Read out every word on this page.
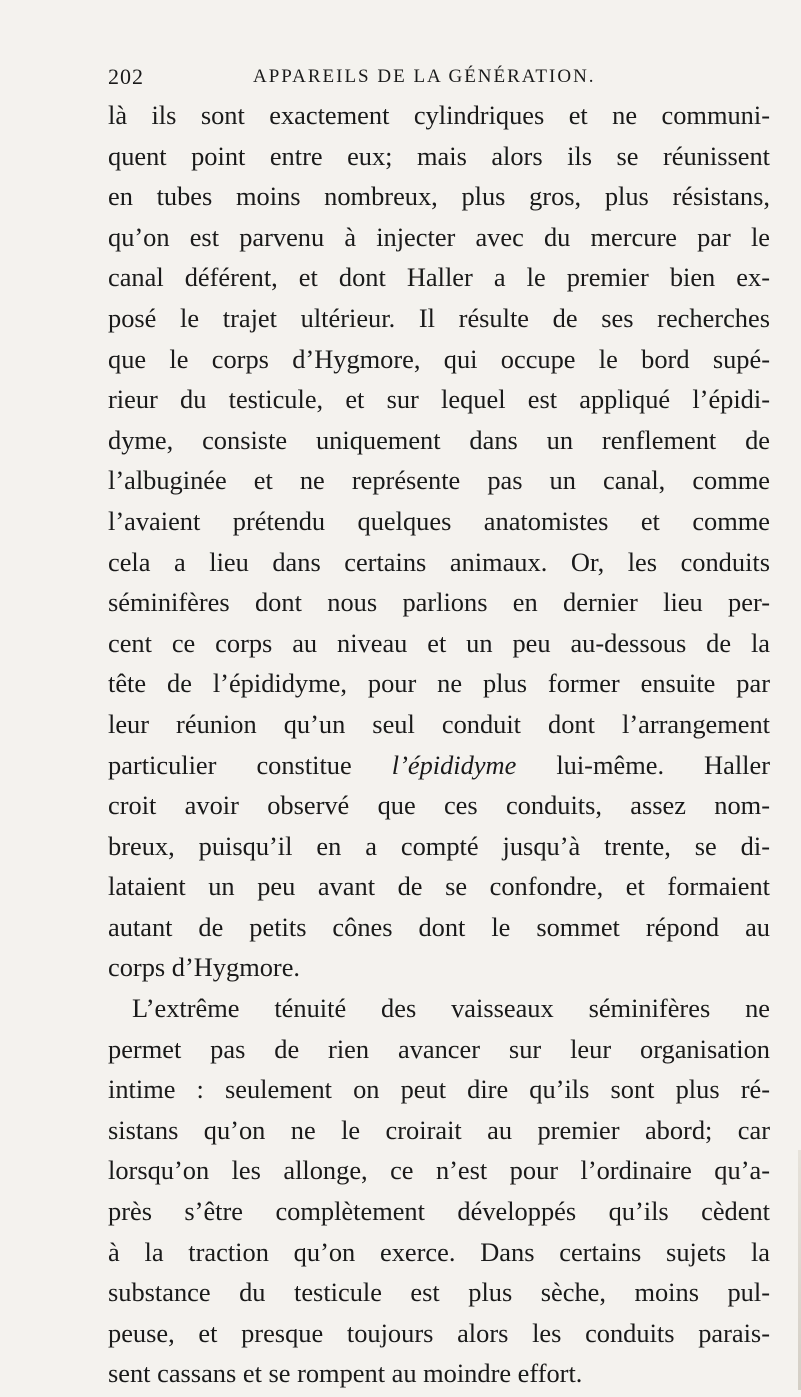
202	APPAREILS DE LA GÉNÉRATION.
là ils sont exactement cylindriques et ne communi-
quent point entre eux; mais alors ils se réunissent
en tubes moins nombreux, plus gros, plus résistans,
qu’on est parvenu à injecter avec du mercure par le
canal déférent, et dont Haller a le premier bien ex-
posé le trajet ultérieur. Il résulte de ses recherches
que le corps d’Hygmore, qui occupe le bord supé-
rieur du testicule, et sur lequel est appliqué l’épidi-
dyme, consiste uniquement dans un renflement de
l’albuginée et ne représente pas un canal, comme
l’avaient prétendu quelques anatomistes et comme
cela a lieu dans certains animaux. Or, les conduits
séminifères dont nous parlions en dernier lieu per-
cent ce corps au niveau et un peu au-dessous de la
tête de l’épididyme, pour ne plus former ensuite par
leur réunion qu’un seul conduit dont l’arrangement
particulier constitue l’épididyme lui-même. Haller
croit avoir observé que ces conduits, assez nom-
breux, puisqu’il en a compté jusqu’à trente, se di-
lataient un peu avant de se confondre, et formaient
autant de petits cônes dont le sommet répond au
corps d’Hygmore.
L’extrême ténuité des vaisseaux séminifères ne
permet pas de rien avancer sur leur organisation
intime : seulement on peut dire qu’ils sont plus ré-
sistans qu’on ne le croirait au premier abord; car
lorsqu’on les allonge, ce n’est pour l’ordinaire qu’a-
près s’être complètement développés qu’ils cèdent
à la traction qu’on exerce. Dans certains sujets la
substance du testicule est plus sèche, moins pul-
peuse, et presque toujours alors les conduits parais-
sent cassans et se rompent au moindre effort.
